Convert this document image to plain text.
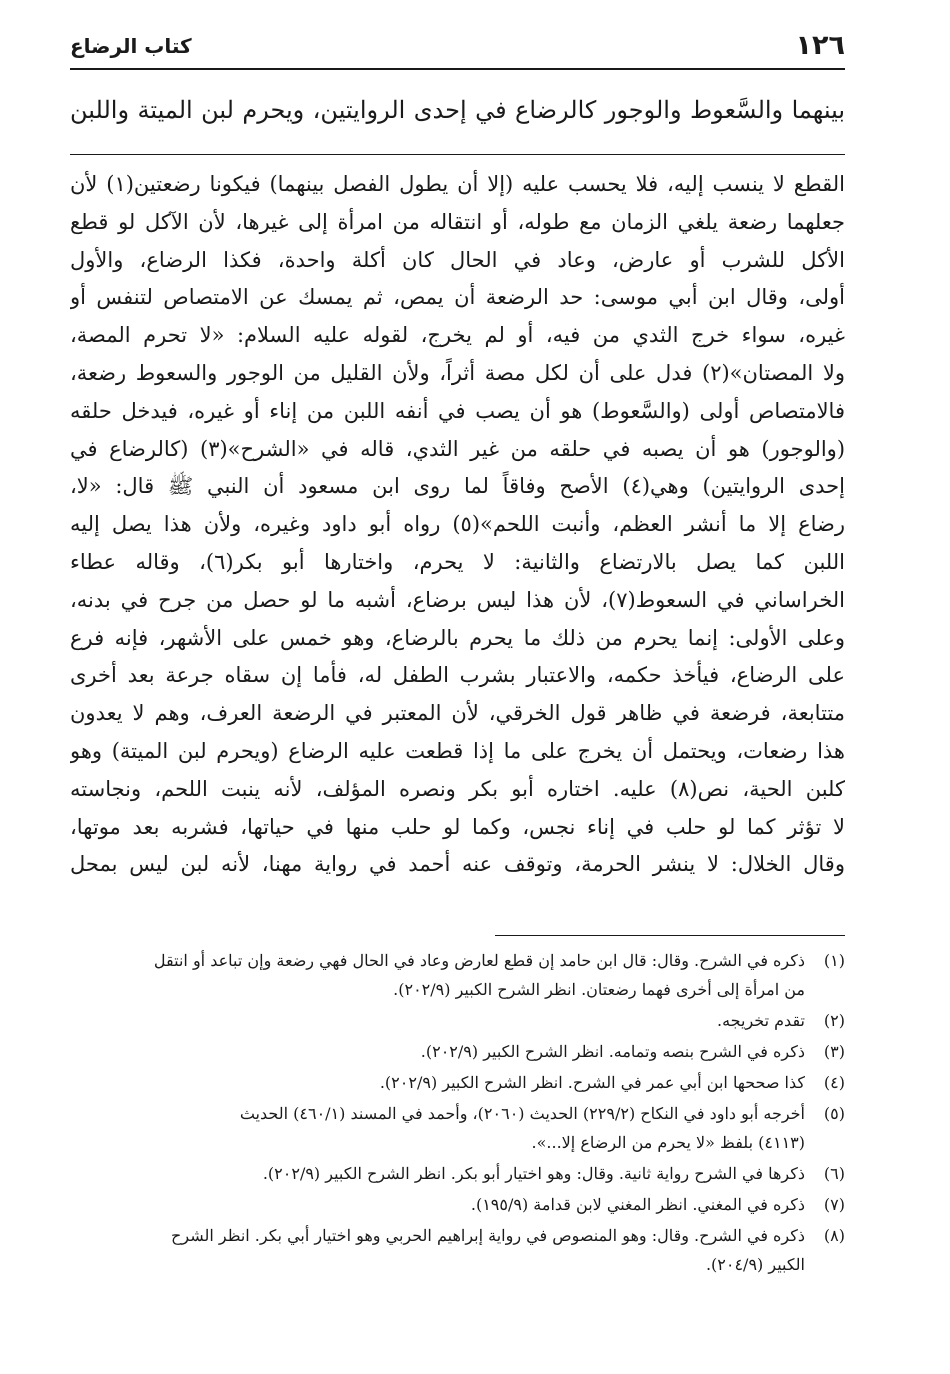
١٢٦
كتاب الرضاع
بينهما والسَّعوط والوجور كالرضاع في إحدى الروايتين، ويحرم لبن الميتة واللبن
القطع لا ينسب إليه، فلا يحسب عليه (إلا أن يطول الفصل بينهما) فيكونا رضعتين(١) لأن
جعلهما رضعة يلغي الزمان مع طوله، أو انتقاله من امرأة إلى غيرها، لأن الآكل لو قطع
الأكل للشرب أو عارض، وعاد في الحال كان أكلة واحدة، فكذا الرضاع، والأول
أولى، وقال ابن أبي موسى: حد الرضعة أن يمص، ثم يمسك عن الامتصاص لتنفس أو
غيره، سواء خرج الثدي من فيه، أو لم يخرج، لقوله عليه السلام: «لا تحرم المصة،
ولا المصتان»(٢) فدل على أن لكل مصة أثراً، ولأن القليل من الوجور والسعوط رضعة،
فالامتصاص أولى (والسَّعوط) هو أن يصب في أنفه اللبن من إناء أو غيره، فيدخل حلقه
(والوجور) هو أن يصبه في حلقه من غير الثدي، قاله في «الشرح»(٣) (كالرضاع في
إحدى الروايتين) وهي(٤) الأصح وفاقاً لما روى ابن مسعود أن النبي ﷺ قال: «لا،
رضاع إلا ما أنشر العظم، وأنبت اللحم»(٥) رواه أبو داود وغيره، ولأن هذا يصل إليه
اللبن كما يصل بالارتضاع والثانية: لا يحرم، واختارها أبو بكر(٦)، وقاله عطاء
الخراساني في السعوط(٧)، لأن هذا ليس برضاع، أشبه ما لو حصل من جرح في بدنه،
وعلى الأولى: إنما يحرم من ذلك ما يحرم بالرضاع، وهو خمس على الأشهر، فإنه فرع
على الرضاع، فيأخذ حكمه، والاعتبار بشرب الطفل له، فأما إن سقاه جرعة بعد أخرى
متتابعة، فرضعة في ظاهر قول الخرقي، لأن المعتبر في الرضعة العرف، وهم لا يعدون
هذا رضعات، ويحتمل أن يخرج على ما إذا قطعت عليه الرضاع (ويحرم لبن الميتة) وهو
كلبن الحية، نص(٨) عليه. اختاره أبو بكر ونصره المؤلف، لأنه ينبت اللحم، ونجاسته
لا تؤثر كما لو حلب في إناء نجس، وكما لو حلب منها في حياتها، فشربه بعد موتها،
وقال الخلال: لا ينشر الحرمة، وتوقف عنه أحمد في رواية مهنا، لأنه لبن ليس بمحل
(١)
ذكره في الشرح. وقال: قال ابن حامد إن قطع لعارض وعاد في الحال فهي رضعة وإن تباعد أو انتقل
من امرأة إلى أخرى فهما رضعتان. انظر الشرح الكبير (٢٠٢/٩).
(٢)
تقدم تخريجه.
(٣)
ذكره في الشرح بنصه وتمامه. انظر الشرح الكبير (٢٠٢/٩).
(٤)
كذا صححها ابن أبي عمر في الشرح. انظر الشرح الكبير (٢٠٢/٩).
(٥)
أخرجه أبو داود في النكاح (٢٢٩/٢) الحديث (٢٠٦٠)، وأحمد في المسند (٤٦٠/١) الحديث
(٤١١٣) بلفظ «لا يحرم من الرضاع إلا...».
(٦)
ذكرها في الشرح رواية ثانية. وقال: وهو اختيار أبو بكر. انظر الشرح الكبير (٢٠٢/٩).
(٧)
ذكره في المغني. انظر المغني لابن قدامة (١٩٥/٩).
(٨)
ذكره في الشرح. وقال: وهو المنصوص في رواية إبراهيم الحربي وهو اختيار أبي بكر. انظر الشرح
الكبير (٢٠٤/٩).
